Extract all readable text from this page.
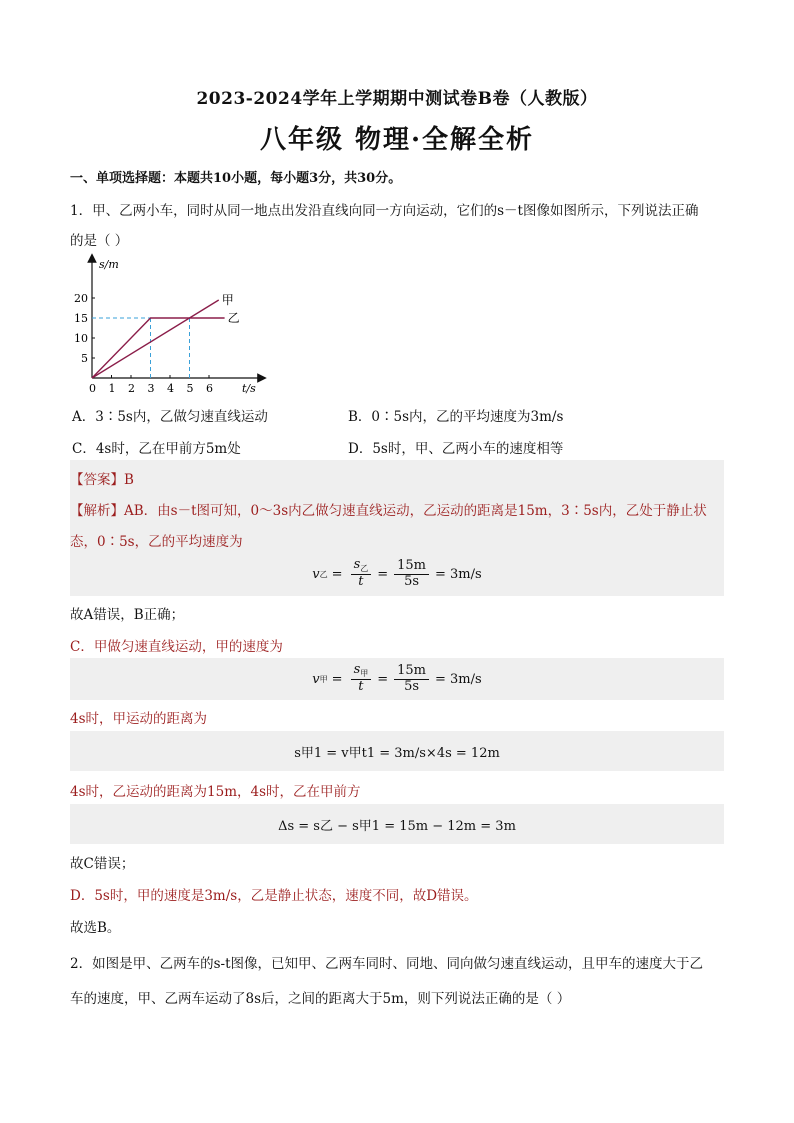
2023-2024学年上学期期中测试卷B卷（人教版）
八年级 物理·全解全析
一、单项选择题：本题共10小题，每小题3分，共30分。
1．甲、乙两小车，同时从同一地点出发沿直线向同一方向运动，它们的s－t图像如图所示，下列说法正确
的是（ ）
s/m
t/s
0 1 2 3 4 5 6
5
10
15
20	甲
乙
A．3∶5s内，乙做匀速直线运动	B．0∶5s内，乙的平均速度为3m/s
C．4s时，乙在甲前方5m处	D．5s时，甲、乙两小车的速度相等
【答案】B
【解析】AB．由s－t图可知，0～3s内乙做匀速直线运动，乙运动的距离是15m，3∶5s内，乙处于静止状
态，0∶5s，乙的平均速度为
v 乙 = $\frac{s_乙}{t} = \frac{15m}{5s} = 3m/s$
故A错误，B正确；
C．甲做匀速直线运动，甲的速度为
v 甲 = $\frac{s_甲}{t} = \frac{15m}{5s} = 3m/s$
4s时，甲运动的距离为
s甲1 = v甲t1 = 3m/s×4s = 12m
4s时，乙运动的距离为15m，4s时，乙在甲前方
Δs = s乙 − s甲1 = 15m − 12m = 3m
故C错误；
D．5s时，甲的速度是3m/s，乙是静止状态，速度不同，故D错误。
故选B。
2．如图是甲、乙两车的s-t图像，已知甲、乙两车同时、同地、同向做匀速直线运动，且甲车的速度大于乙
车的速度，甲、乙两车运动了8s后，之间的距离大于5m，则下列说法正确的是（ ）
